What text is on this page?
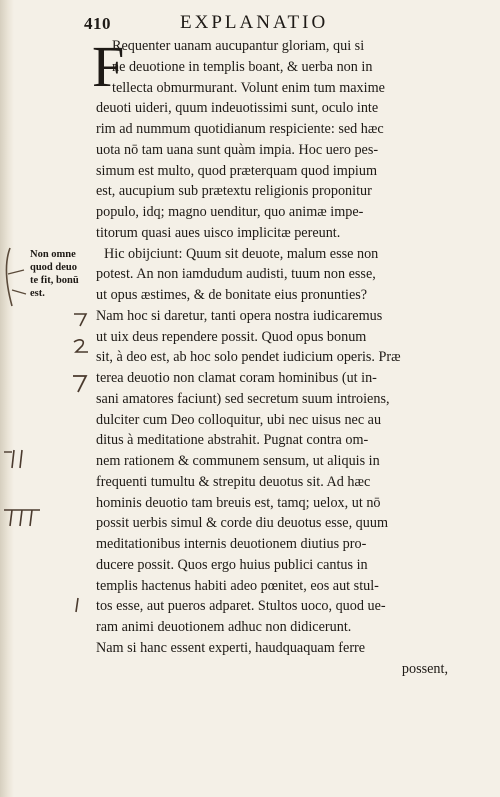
410	EXPLANATIO
F
Requenter uanam aucupantur gloriam, qui si
ne deuotione in templis boant, & uerba non in
tellecta obmurmurant. Volunt enim tum maxime
deuoti uideri, quum indeuotissimi sunt, oculo inte
rim ad nummum quotidianum respiciente: sed hæc
uota nō tam uana sunt quàm impia. Hoc uero pes-
simum est multo, quod præterquam quod impium
est, aucupium sub prætextu religionis proponitur
populo, idq; magno uenditur, quo animæ impe-
titorum quasi aues uisco implicitæ pereunt.
Hic obijciunt: Quum sit deuote, malum esse non
potest. An non iamdudum audisti, tuum non esse,
ut opus æstimes, & de bonitate eius pronunties?
Nam hoc si daretur, tanti opera nostra iudicaremus
ut uix deus rependere possit. Quod opus bonum
sit, à deo est, ab hoc solo pendet iudicium operis. Præ
terea deuotio non clamat coram hominibus (ut in-
sani amatores faciunt) sed secretum suum introiens,
dulciter cum Deo colloquitur, ubi nec uisus nec au
ditus à meditatione abstrahit. Pugnat contra om-
nem rationem & communem sensum, ut aliquis in
frequenti tumultu & strepitu deuotus sit. Ad hæc
hominis deuotio tam breuis est, tamq; uelox, ut nō
possit uerbis simul & corde diu deuotus esse, quum
meditationibus internis deuotionem diutius pro-
ducere possit. Quos ergo huius publici cantus in
templis hactenus habiti adeo pœnitet, eos aut stul-
tos esse, aut pueros adparet. Stultos uoco, quod ue-
ram animi deuotionem adhuc non didicerunt.
Nam si hanc essent experti, haudquaquam ferre
possent,
Non omne
quod deuo
te fit, bonū
est.
